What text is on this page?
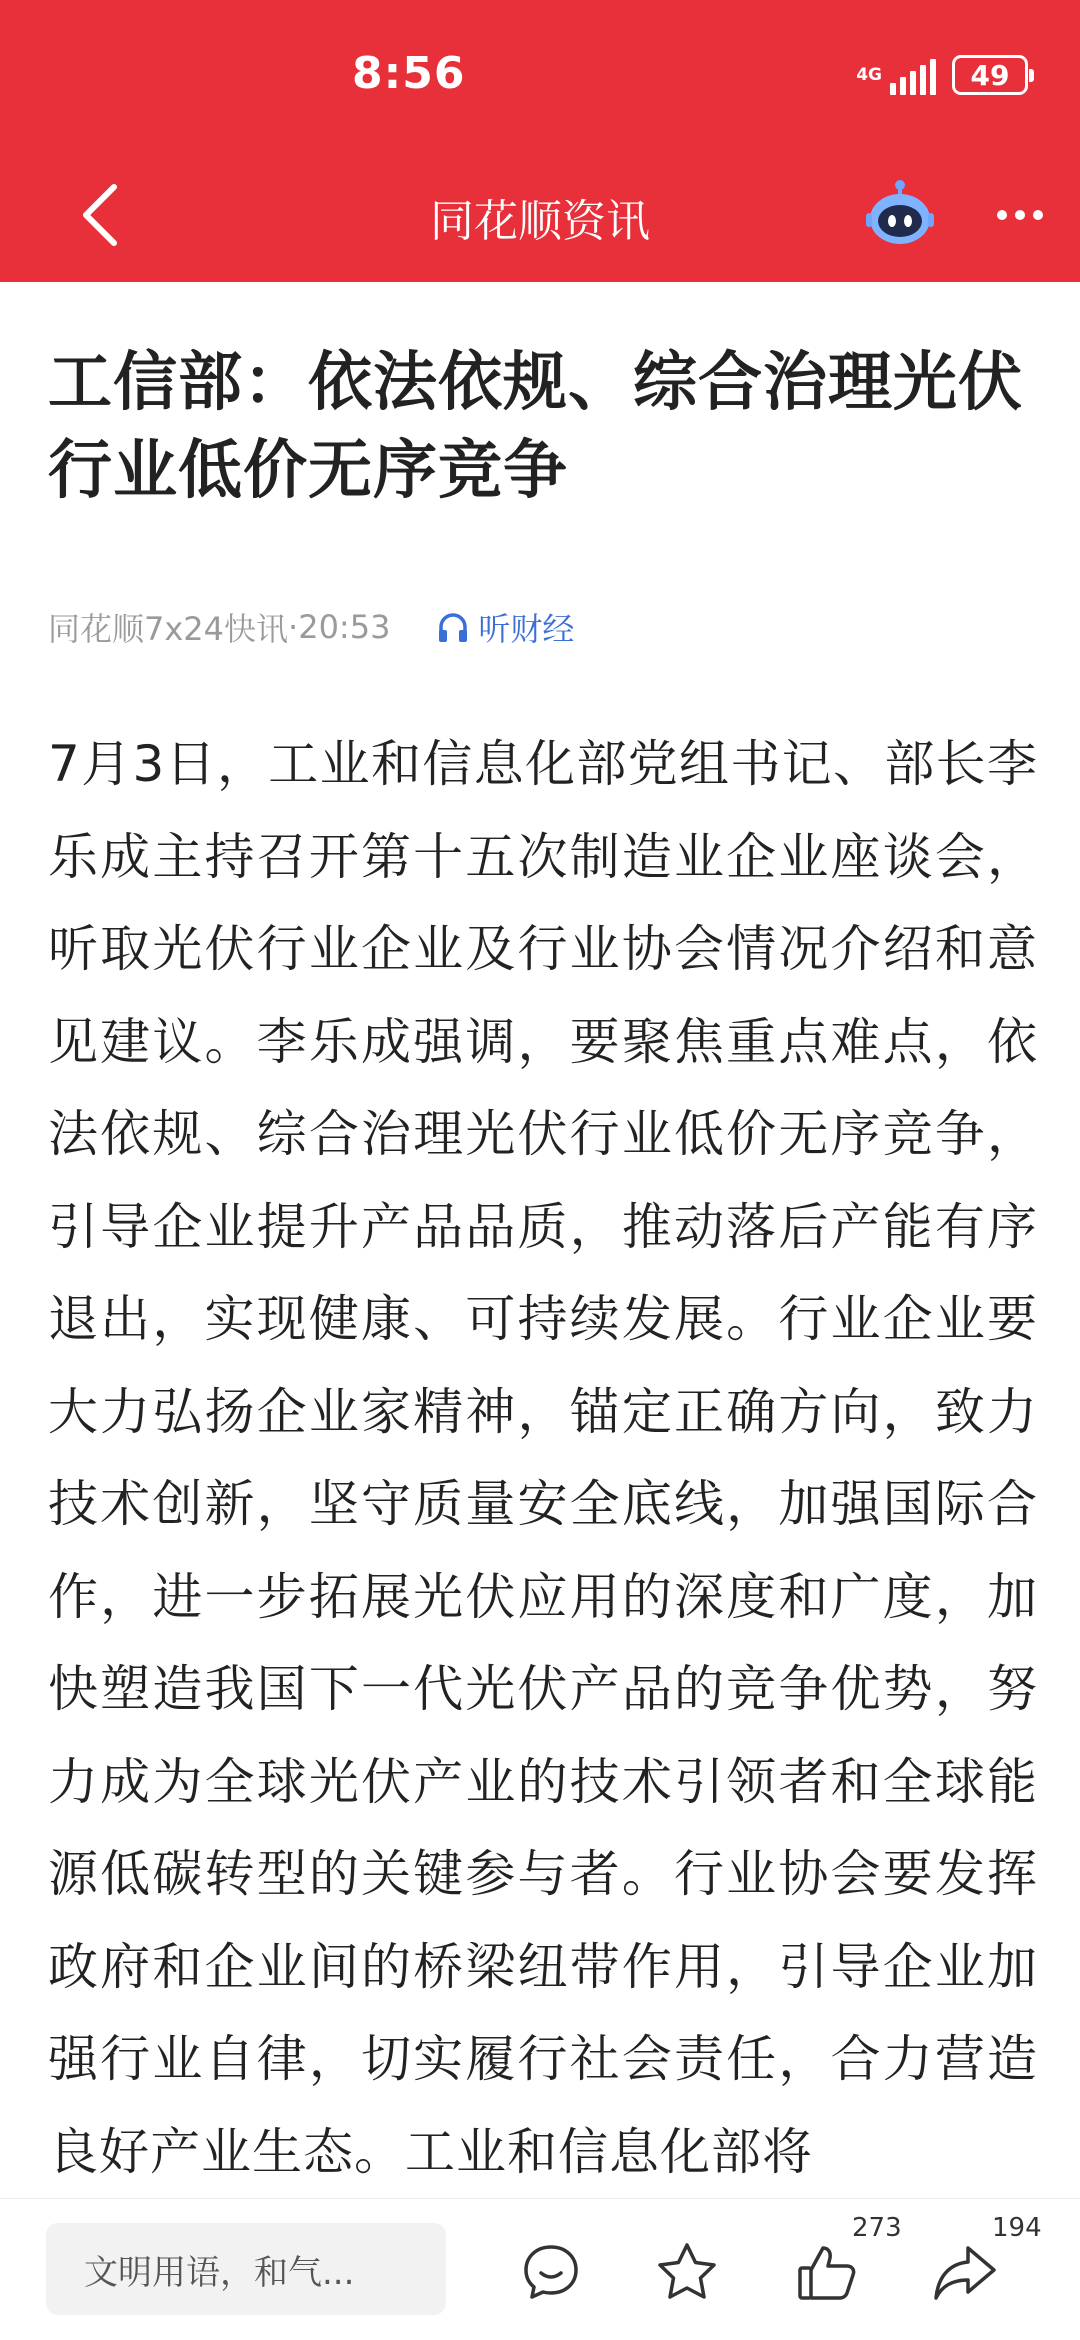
8:56	4G	49
同花顺资讯
工信部：依法依规、综合治理光伏行业低价无序竞争
同花顺7x24快讯 · 20:53	听财经

7月3日，工业和信息化部党组书记、部长李乐成主持召开第十五次制造业企业座谈会，听取光伏行业企业及行业协会情况介绍和意见建议。李乐成强调，要聚焦重点难点，依法依规、综合治理光伏行业低价无序竞争，引导企业提升产品品质，推动落后产能有序退出，实现健康、可持续发展。行业企业要大力弘扬企业家精神，锚定正确方向，致力技术创新，坚守质量安全底线，加强国际合作，进一步拓展光伏应用的深度和广度，加快塑造我国下一代光伏产品的竞争优势，努力成为全球光伏产业的技术引领者和全球能源低碳转型的关键参与者。行业协会要发挥政府和企业间的桥梁纽带作用，引导企业加强行业自律，切实履行社会责任，合力营造良好产业生态。工业和信息化部将

文明用语，和气...
273	194
